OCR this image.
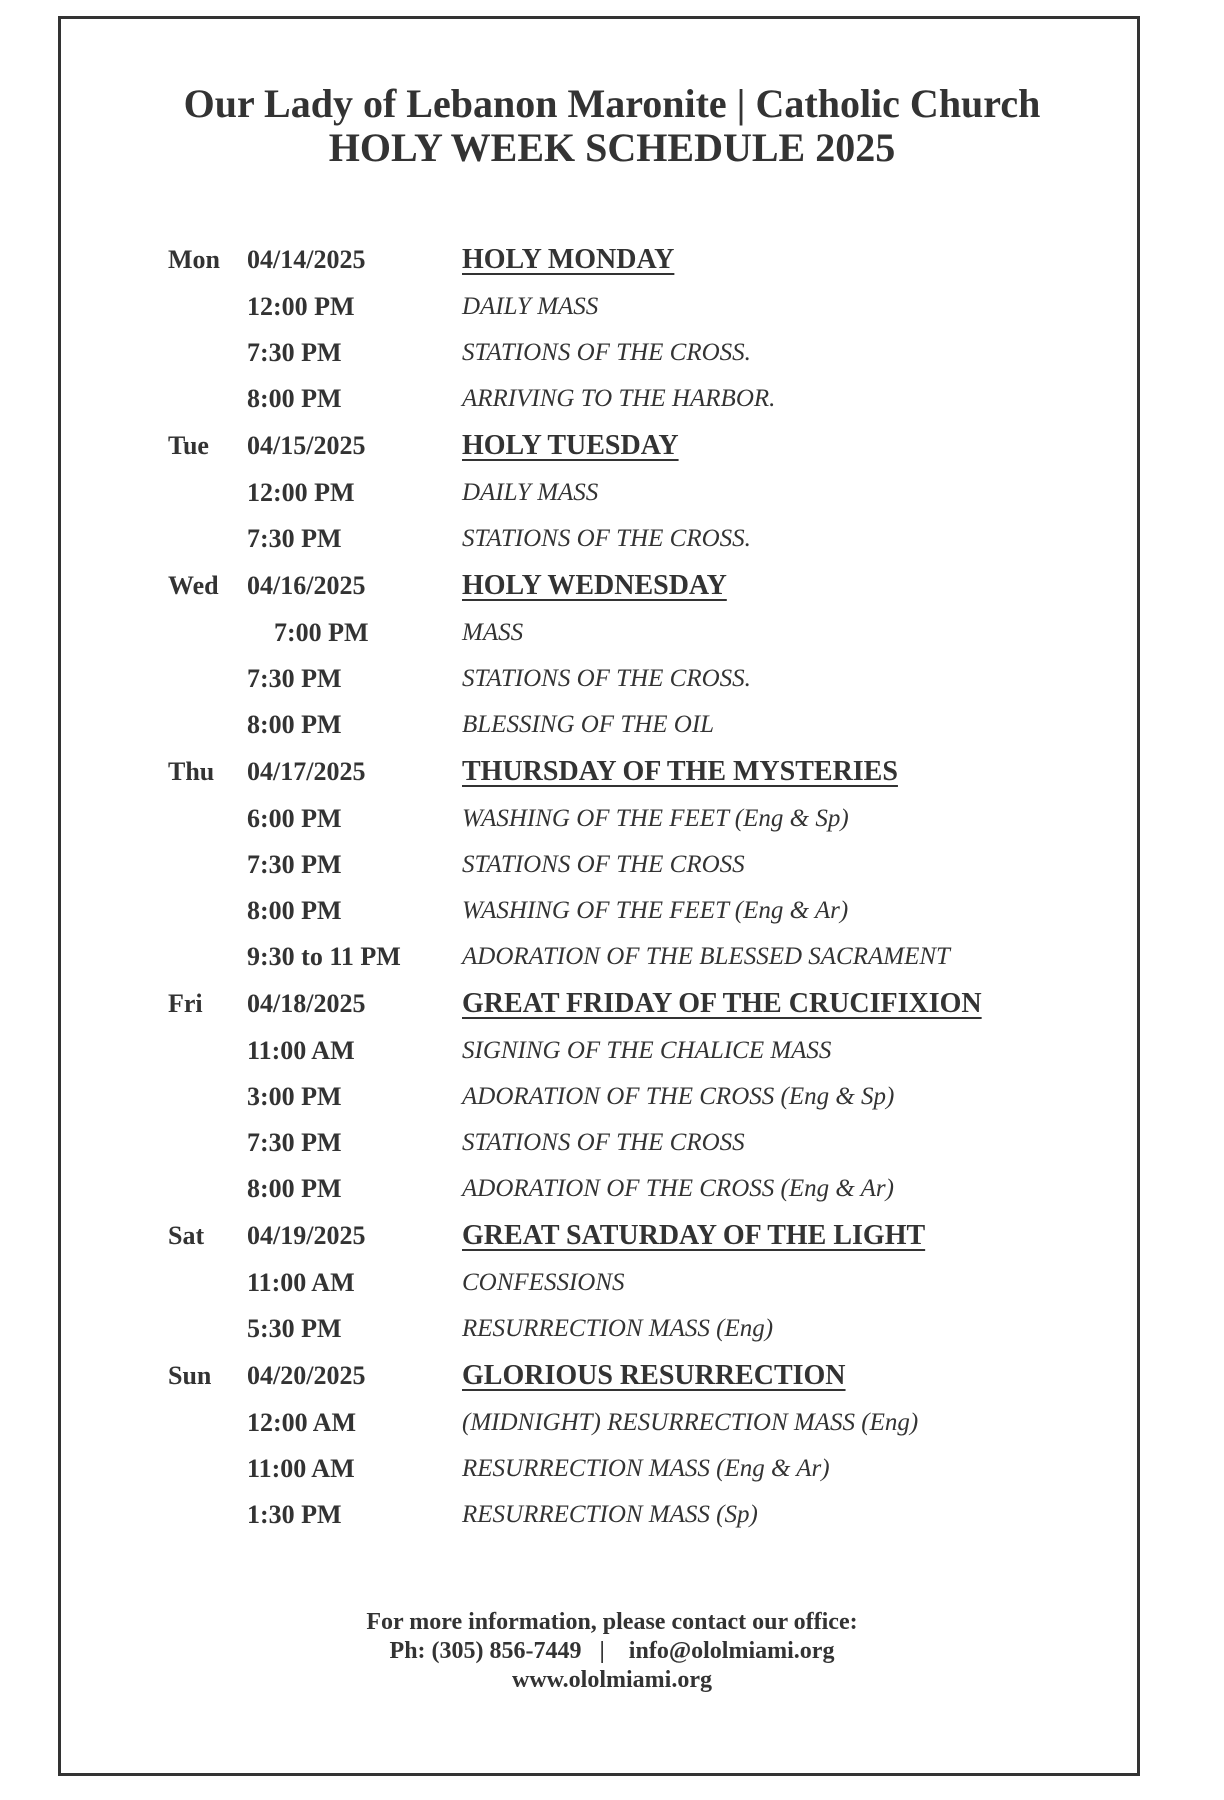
Our Lady of Lebanon Maronite | Catholic Church
HOLY WEEK SCHEDULE 2025
Mon 04/14/2025	HOLY MONDAY
12:00 PM	DAILY MASS
7:30 PM	STATIONS OF THE CROSS.
8:00 PM	ARRIVING TO THE HARBOR.
Tue 04/15/2025	HOLY TUESDAY
12:00 PM	DAILY MASS
7:30 PM	STATIONS OF THE CROSS.
Wed 04/16/2025	HOLY WEDNESDAY
7:00 PM	MASS
7:30 PM	STATIONS OF THE CROSS.
8:00 PM	BLESSING OF THE OIL
Thu 04/17/2025	THURSDAY OF THE MYSTERIES
6:00 PM	WASHING OF THE FEET (Eng & Sp)
7:30 PM	STATIONS OF THE CROSS
8:00 PM	WASHING OF THE FEET (Eng & Ar)
9:30 to 11 PM ADORATION OF THE BLESSED SACRAMENT
Fri 04/18/2025	GREAT FRIDAY OF THE CRUCIFIXION
11:00 AM	SIGNING OF THE CHALICE MASS
3:00 PM	ADORATION OF THE CROSS (Eng & Sp)
7:30 PM	STATIONS OF THE CROSS
8:00 PM	ADORATION OF THE CROSS (Eng & Ar)
Sat 04/19/2025	GREAT SATURDAY OF THE LIGHT
11:00 AM	CONFESSIONS
5:30 PM	RESURRECTION MASS (Eng)
Sun 04/20/2025	GLORIOUS RESURRECTION
12:00 AM	(MIDNIGHT) RESURRECTION MASS (Eng)
11:00 AM	RESURRECTION MASS (Eng & Ar)
1:30 PM	RESURRECTION MASS (Sp)
For more information, please contact our office:
Ph: (305) 856-7449   |    info@ololmiami.org
www.ololmiami.org
